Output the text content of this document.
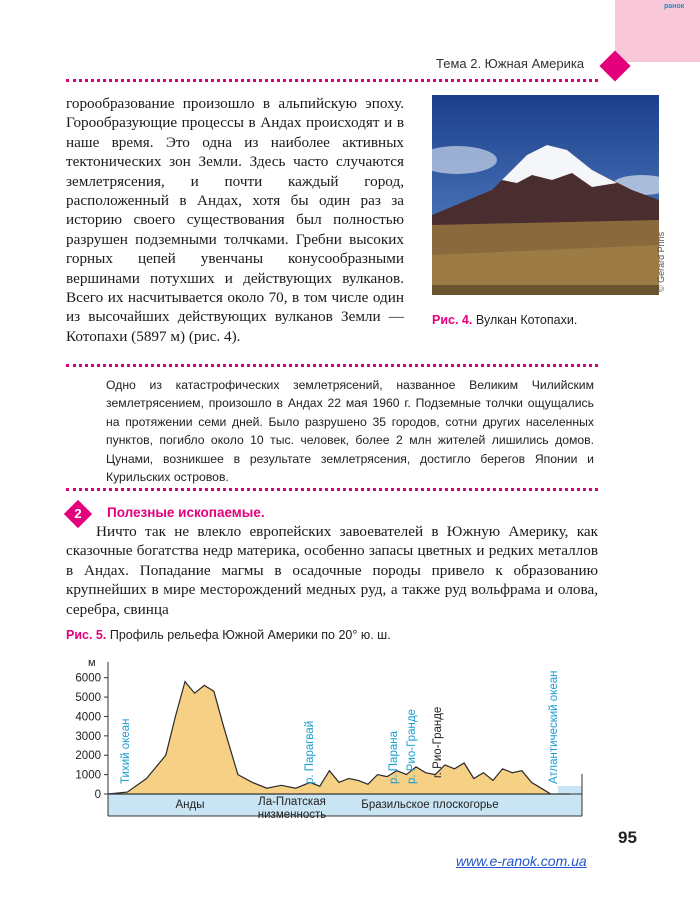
ранок
Тема 2. Южная Америка

горообразование произошло в альпийскую эпоху. Горообразующие процессы в Андах происходят и в наше время. Это одна из наиболее активных тектонических зон Земли. Здесь часто случаются землетрясения, и почти каждый город, расположенный в Андах, хотя бы один раз за историю своего существования был полностью разрушен подземными толчками. Гребни высоких горных цепей увенчаны конусообразными вершинами потухших и действующих вулканов. Всего их насчитывается около 70, в том числе один из высочайших действующих вулканов Земли — Котопахи (5897 м) (рис. 4).

© Gerard Prins
Рис. 4. Вулкан Котопахи.

Одно из катастрофических землетрясений, названное Великим Чилийским землетрясением, произошло в Андах 22 мая 1960 г. Подземные толчки ощущались на протяжении семи дней. Было разрушено 35 городов, сотни других населенных пунктов, погибло около 10 тыс. человек, более 2 млн жителей лишились домов. Цунами, возникшее в результате землетрясения, достигло берегов Японии и Курильских островов.

2	Полезные ископаемые.

Ничто так не влекло европейских завоевателей в Южную Америку, как сказочные богатства недр материка, особенно запасы цветных и редких металлов в Андах. Попадание магмы в осадочные породы привело к образованию крупнейших в мире месторождений медных руд, а также руд вольфрама и олова, серебра, свинца

Рис. 5. Профиль рельефа Южной Америки по 20° ю. ш.
м
6000
5000
4000
3000
2000
1000
0
Анды	Ла-Платская
низменность
Бразильское плоскогорье
Тихий океан	р. Парагвай	р. Парана р. Рио-Гранде г. Рио-Гранде	Атлантический океан
95
www.e-ranok.com.ua
